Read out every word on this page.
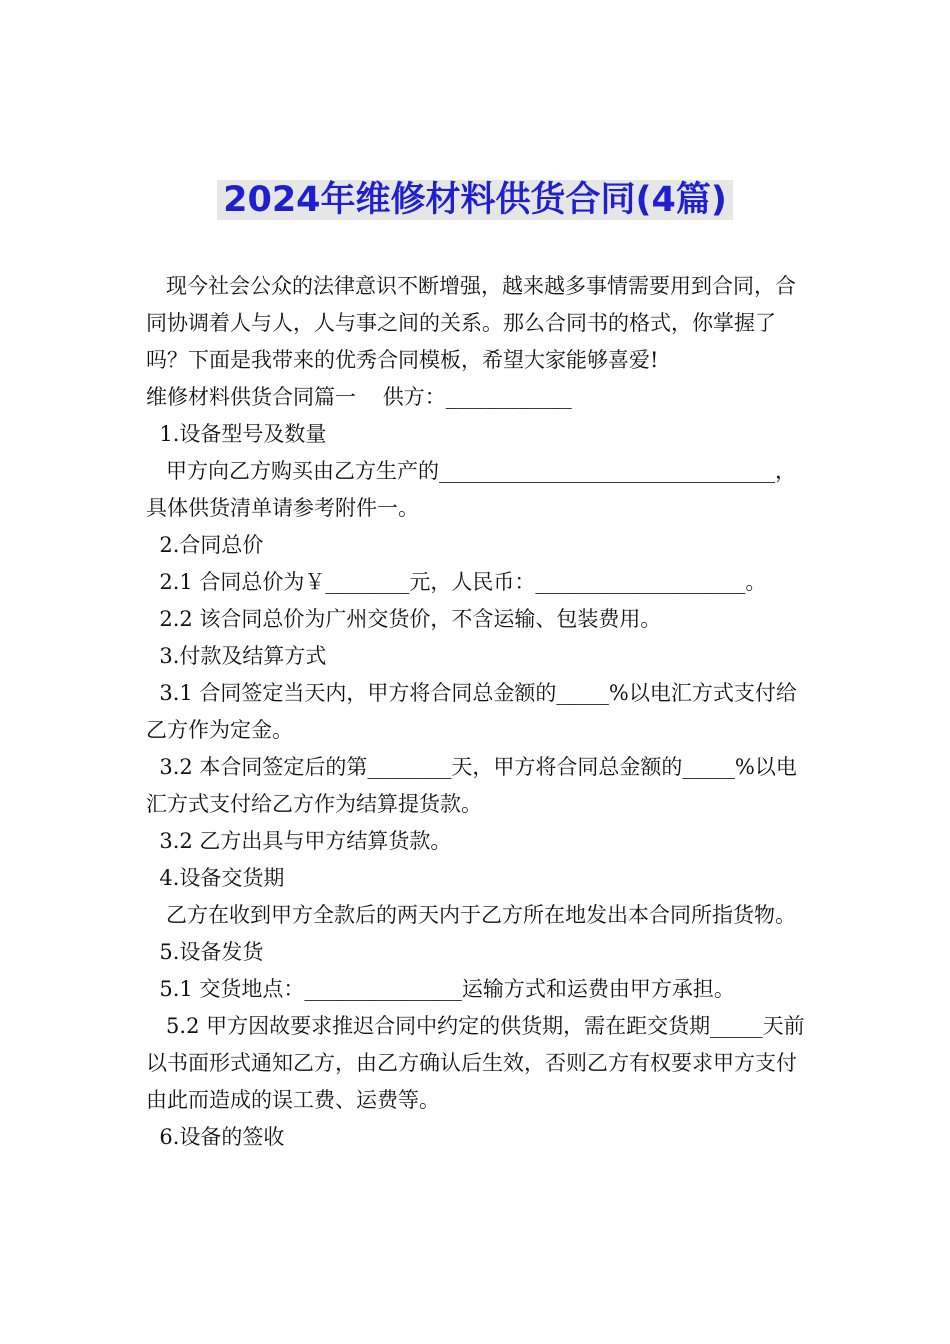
2024年维修材料供货合同(4篇)

现今社会公众的法律意识不断增强，越来越多事情需要用到合同，合同协调着人与人，人与事之间的关系。那么合同书的格式，你掌握了吗？下面是我带来的优秀合同模板，希望大家能够喜爱!

维修材料供货合同篇一    供方：____________

1.设备型号及数量

甲方向乙方购买由乙方生产的________________________________，具体供货清单请参考附件一。

2.合同总价

2.1 合同总价为￥________元，人民币：____________________。

2.2 该合同总价为广州交货价，不含运输、包装费用。

3.付款及结算方式

3.1 合同签定当天内，甲方将合同总金额的_____%以电汇方式支付给乙方作为定金。

3.2 本合同签定后的第________天，甲方将合同总金额的_____%以电汇方式支付给乙方作为结算提货款。

3.2 乙方出具与甲方结算货款。

4.设备交货期

乙方在收到甲方全款后的两天内于乙方所在地发出本合同所指货物。

5.设备发货

5.1 交货地点：_______________运输方式和运费由甲方承担。

5.2 甲方因故要求推迟合同中约定的供货期，需在距交货期_____天前以书面形式通知乙方，由乙方确认后生效，否则乙方有权要求甲方支付由此而造成的误工费、运费等。

6.设备的签收
